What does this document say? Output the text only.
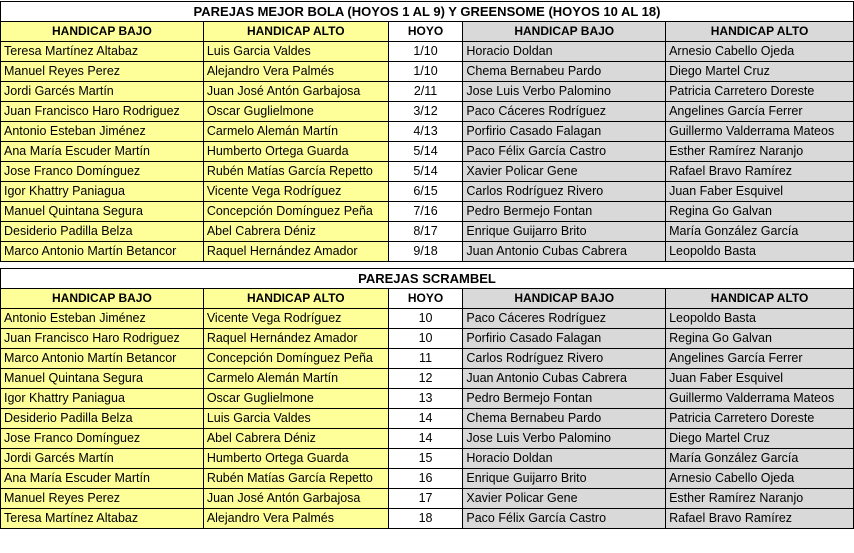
PAREJAS MEJOR BOLA (HOYOS 1 AL 9) Y GREENSOME (HOYOS 10 AL 18)				
HANDICAP BAJO	HANDICAP ALTO	HOYO	HANDICAP BAJO	HANDICAP ALTO
Teresa Martínez Altabaz	Luis Garcia Valdes	1/10	Horacio Doldan	Arnesio Cabello Ojeda
Manuel Reyes Perez	Alejandro Vera Palmés	1/10	Chema Bernabeu Pardo	Diego Martel Cruz
Jordi Garcés Martín	Juan José Antón Garbajosa	2/11	Jose Luis Verbo Palomino	Patricia Carretero Doreste
Juan Francisco Haro Rodriguez	Oscar Guglielmone	3/12	Paco Cáceres Rodríguez	Angelines García Ferrer
Antonio Esteban Jiménez	Carmelo Alemán Martín	4/13	Porfirio Casado Falagan	Guillermo Valderrama Mateos
Ana María Escuder Martín	Humberto Ortega Guarda	5/14	Paco Félix García Castro	Esther Ramírez Naranjo
Jose Franco Domínguez	Rubén Matías García Repetto	5/14	Xavier Policar Gene	Rafael Bravo Ramírez
Igor Khattry Paniagua	Vicente Vega Rodríguez	6/15	Carlos Rodríguez Rivero	Juan Faber Esquivel
Manuel Quintana Segura	Concepción Domínguez Peña	7/16	Pedro Bermejo Fontan	Regina Go Galvan
Desiderio Padilla Belza	Abel Cabrera Déniz	8/17	Enrique Guijarro Brito	María González García
Marco Antonio Martín Betancor	Raquel Hernández Amador	9/18	Juan Antonio Cubas Cabrera	Leopoldo Basta

PAREJAS SCRAMBEL				
HANDICAP BAJO	HANDICAP ALTO	HOYO	HANDICAP BAJO	HANDICAP ALTO
Antonio Esteban Jiménez	Vicente Vega Rodríguez	10	Paco Cáceres Rodríguez	Leopoldo Basta
Juan Francisco Haro Rodriguez	Raquel Hernández Amador	10	Porfirio Casado Falagan	Regina Go Galvan
Marco Antonio Martín Betancor	Concepción Domínguez Peña	11	Carlos Rodríguez Rivero	Angelines García Ferrer
Manuel Quintana Segura	Carmelo Alemán Martín	12	Juan Antonio Cubas Cabrera	Juan Faber Esquivel
Igor Khattry Paniagua	Oscar Guglielmone	13	Pedro Bermejo Fontan	Guillermo Valderrama Mateos
Desiderio Padilla Belza	Luis Garcia Valdes	14	Chema Bernabeu Pardo	Patricia Carretero Doreste
Jose Franco Domínguez	Abel Cabrera Déniz	14	Jose Luis Verbo Palomino	Diego Martel Cruz
Jordi Garcés Martín	Humberto Ortega Guarda	15	Horacio Doldan	María González García
Ana María Escuder Martín	Rubén Matías García Repetto	16	Enrique Guijarro Brito	Arnesio Cabello Ojeda
Manuel Reyes Perez	Juan José Antón Garbajosa	17	Xavier Policar Gene	Esther Ramírez Naranjo
Teresa Martínez Altabaz	Alejandro Vera Palmés	18	Paco Félix García Castro	Rafael Bravo Ramírez
